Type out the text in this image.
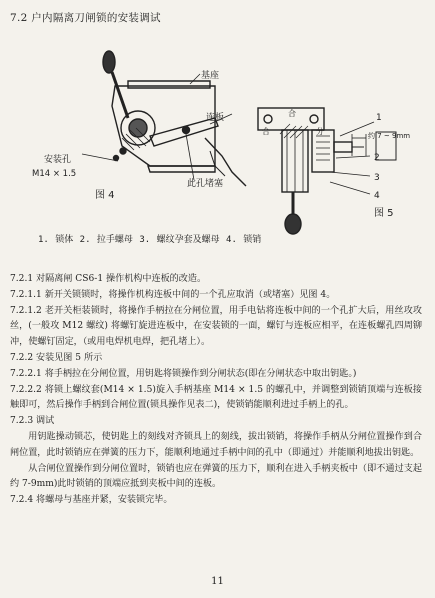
7.2 户内隔离刀闸锁的安装调试
基座
连板
安装孔
M14 × 1.5
图 4
此孔堵塞
合	分
合
约 7 ~ 9mm
1
2
3
4
图 5
1. 锁体 2. 拉手螺母 3. 螺纹孕套及螺母 4. 锁销

7.2.1 对隔离闸 CS6-1 操作机构中连板的改造。

7.2.1.1 新开关锁锁时，将操作机构连板中间的一个孔应取消（或堵塞）见图 4。

7.2.1.2 老开关柜装锁时，将操作手柄拉在分闸位置，用手电钻将连板中间的一个孔扩大后，用丝攻攻丝，(一般攻 M12 螺纹) 将螺钉旋进连板中，在安装锁的一面，螺钉与连板应相平，在连板螺孔四周铆冲，使螺钉固定，（或用电焊机电焊，把孔堵上）。

7.2.2 安装见图 5 所示

7.2.2.1 将手柄拉在分闸位置，用钥匙将锁操作到分闸状态(即在分闸状态中取出钥匙。)

7.2.2.2 将锁上螺纹套(M14 × 1.5)旋入手柄基座 M14 × 1.5 的螺孔中，并调整到锁销顶端与连板接触即可，然后操作手柄到合闸位置(锁具操作见表二)，使锁销能顺利进过手柄上的孔。

7.2.3 调试

用钥匙操动锁芯，使钥匙上的刻线对齐锁具上的刻线，拔出锁销，将操作手柄从分闸位置操作到合闸位置，此时锁销应在弹簧的压力下，能顺利地通过手柄中间的孔中（即通过）并能顺利地拔出钥匙。

从合闸位置操作到分闸位置时，锁销也应在弹簧的压力下，顺利在进入手柄夹板中（即不通过支起约 7-9mm)此时锁销的顶端应抵到夹板中间的连板。

7.2.4 将螺母与基座并紧，安装锁完毕。

11
